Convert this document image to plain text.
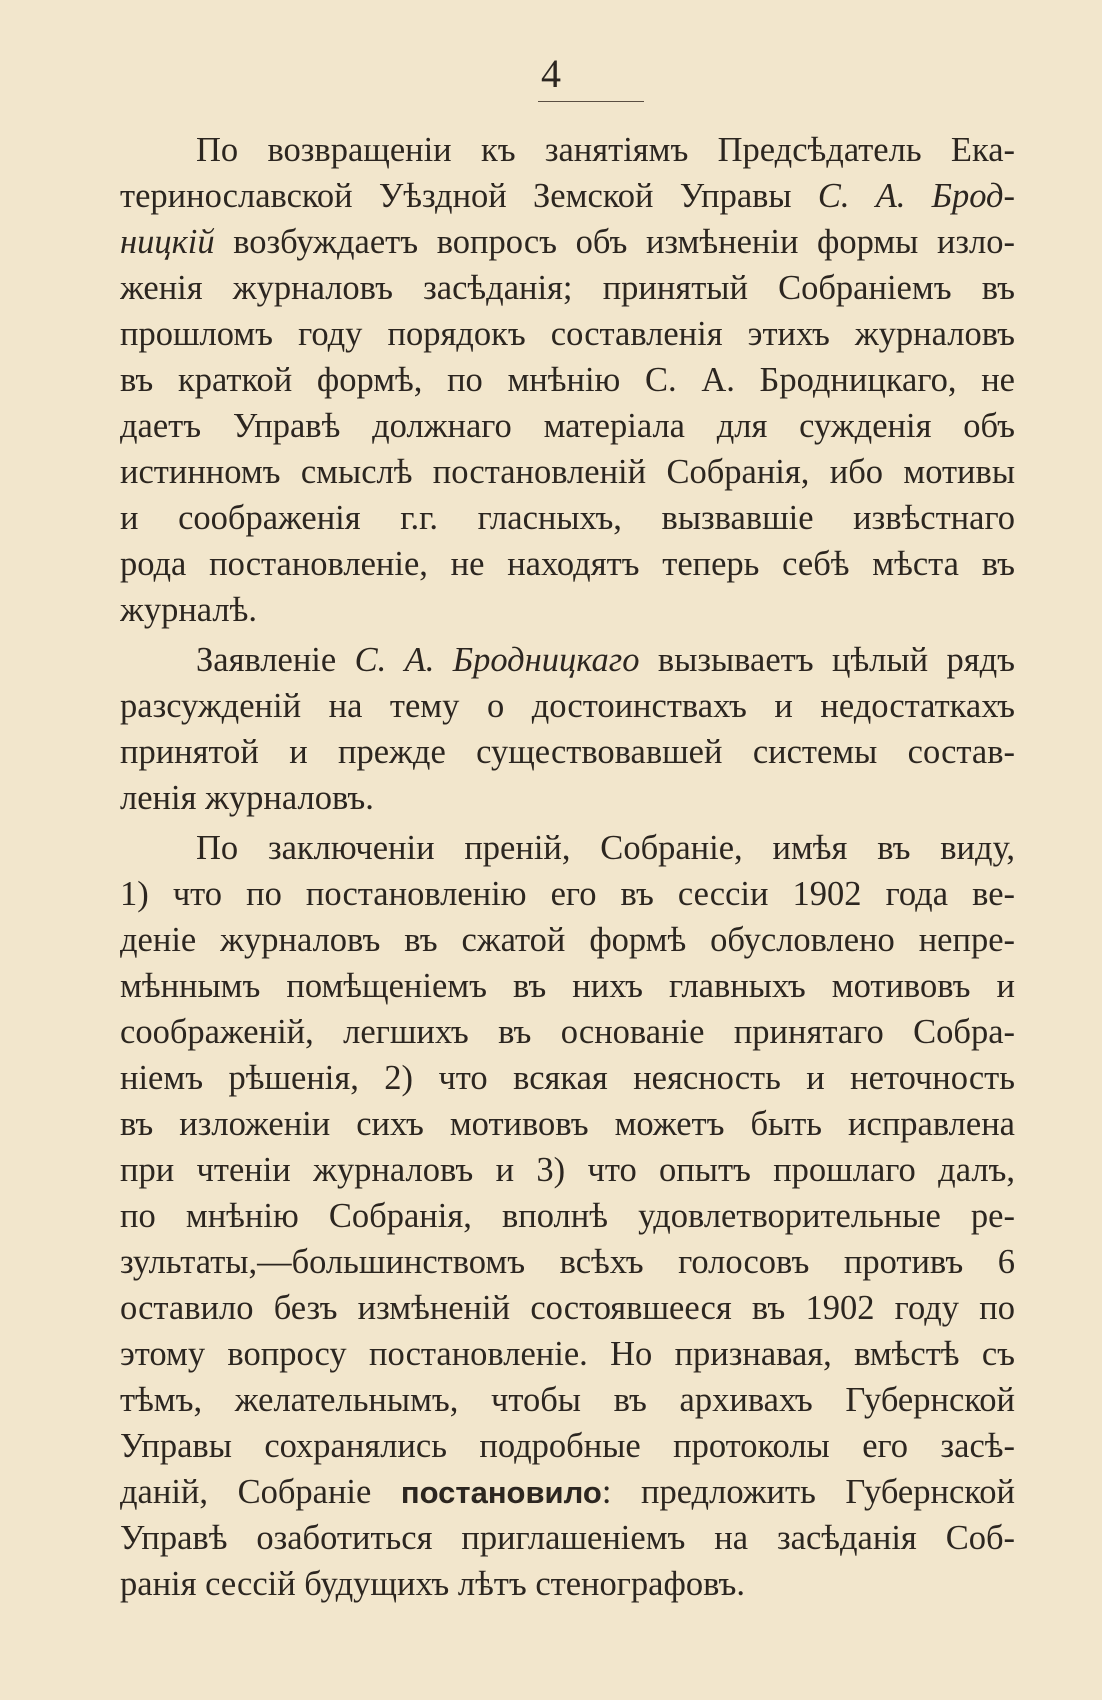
4
По возвращеніи къ занятіямъ Предсѣдатель Ека-
теринославской Уѣздной Земской Управы С. А. Брод-
ницкій возбуждаетъ вопросъ объ измѣненіи формы изло-
женія журналовъ засѣданія; принятый Собраніемъ въ
прошломъ году порядокъ составленія этихъ журналовъ
въ краткой формѣ, по мнѣнію С. А. Бродницкаго, не
даетъ Управѣ должнаго матеріала для сужденія объ
истинномъ смыслѣ постановленій Собранія, ибо мотивы
и соображенія г.г. гласныхъ, вызвавшіе извѣстнаго
рода постановленіе, не находятъ теперь себѣ мѣста въ
журналѣ.
Заявленіе С. А. Бродницкаго вызываетъ цѣлый рядъ
разсужденій на тему о достоинствахъ и недостаткахъ
принятой и прежде существовавшей системы состав-
ленія журналовъ.
По заключеніи преній, Собраніе, имѣя въ виду,
1) что по постановленію его въ сессіи 1902 года ве-
деніе журналовъ въ сжатой формѣ обусловлено непре-
мѣннымъ помѣщеніемъ въ нихъ главныхъ мотивовъ и
соображеній, легшихъ въ основаніе принятаго Собра-
ніемъ рѣшенія, 2) что всякая неясность и неточность
въ изложеніи сихъ мотивовъ можетъ быть исправлена
при чтеніи журналовъ и 3) что опытъ прошлаго далъ,
по мнѣнію Собранія, вполнѣ удовлетворительные ре-
зультаты,—большинствомъ всѣхъ голосовъ противъ 6
оставило безъ измѣненій состоявшееся въ 1902 году по
этому вопросу постановленіе. Но признавая, вмѣстѣ съ
тѣмъ, желательнымъ, чтобы въ архивахъ Губернской
Управы сохранялись подробные протоколы его засѣ-
даній, Собраніе постановило: предложить Губернской
Управѣ озаботиться приглашеніемъ на засѣданія Соб-
ранія сессій будущихъ лѣтъ стенографовъ.
